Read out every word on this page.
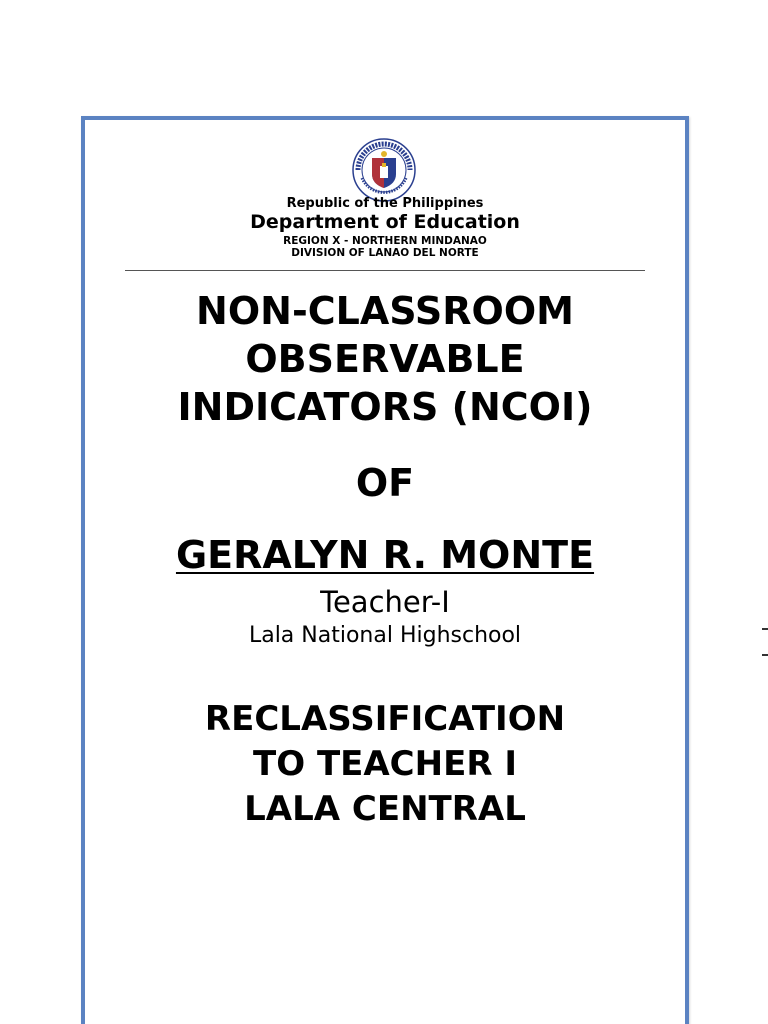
Republic of the Philippines
Department of Education
REGION X - NORTHERN MINDANAO
DIVISION OF LANAO DEL NORTE
NON-CLASSROOM
OBSERVABLE
INDICATORS (NCOI)
OF
GERALYN R. MONTE
Teacher-I
Lala National Highschool
RECLASSIFICATION
TO TEACHER I
LALA CENTRAL
